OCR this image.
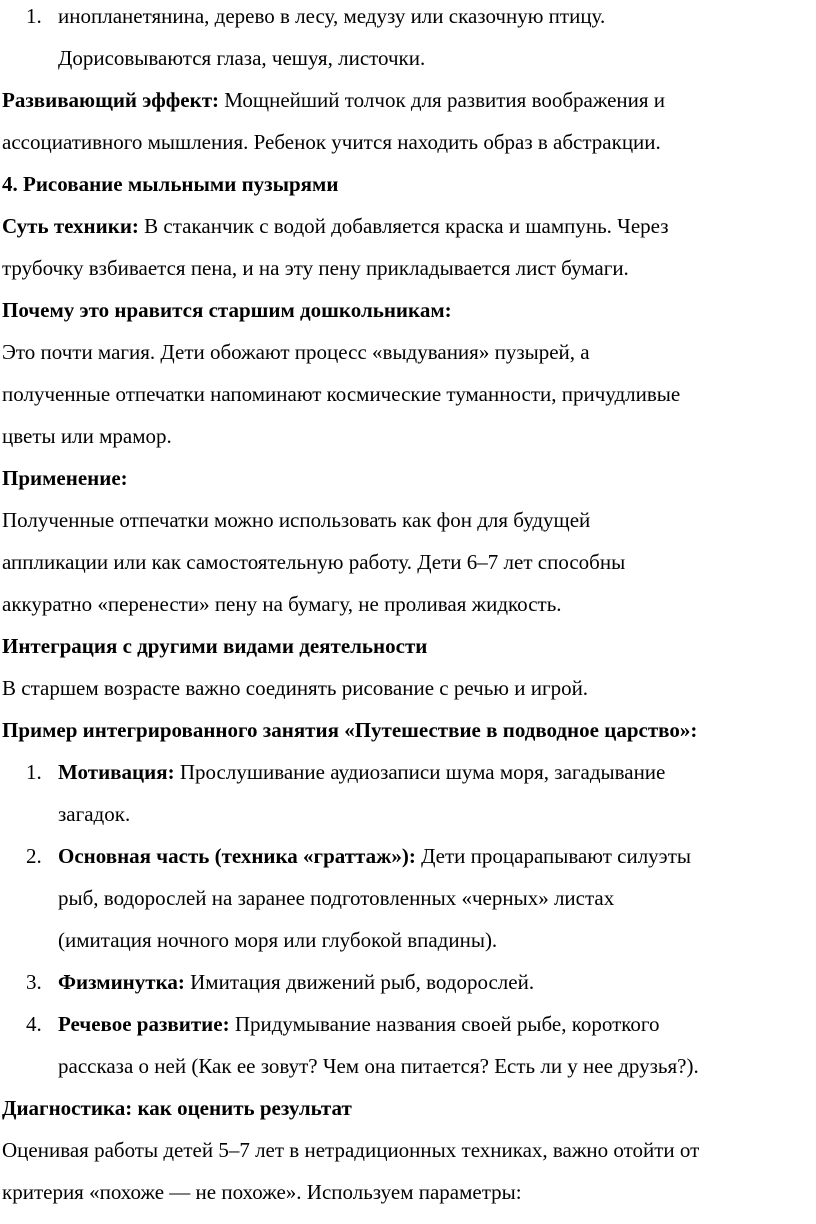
1. инопланетянина, дерево в лесу, медузу или сказочную птицу.
Дорисовываются глаза, чешуя, листочки.
Развивающий эффект: Мощнейший толчок для развития воображения и
ассоциативного мышления. Ребенок учится находить образ в абстракции.
4. Рисование мыльными пузырями
Суть техники: В стаканчик с водой добавляется краска и шампунь. Через
трубочку взбивается пена, и на эту пену прикладывается лист бумаги.
Почему это нравится старшим дошкольникам:
Это почти магия. Дети обожают процесс «выдувания» пузырей, а
полученные отпечатки напоминают космические туманности, причудливые
цветы или мрамор.
Применение:
Полученные отпечатки можно использовать как фон для будущей
аппликации или как самостоятельную работу. Дети 6–7 лет способны
аккуратно «перенести» пену на бумагу, не проливая жидкость.
Интеграция с другими видами деятельности
В старшем возрасте важно соединять рисование с речью и игрой.
Пример интегрированного занятия «Путешествие в подводное царство»:
1. Мотивация: Прослушивание аудиозаписи шума моря, загадывание
загадок.
2. Основная часть (техника «граттаж»): Дети процарапывают силуэты
рыб, водорослей на заранее подготовленных «черных» листах
(имитация ночного моря или глубокой впадины).
3. Физминутка: Имитация движений рыб, водорослей.
4. Речевое развитие: Придумывание названия своей рыбе, короткого
рассказа о ней (Как ее зовут? Чем она питается? Есть ли у нее друзья?).
Диагностика: как оценить результат
Оценивая работы детей 5–7 лет в нетрадиционных техниках, важно отойти от
критерия «похоже — не похоже». Используем параметры:
